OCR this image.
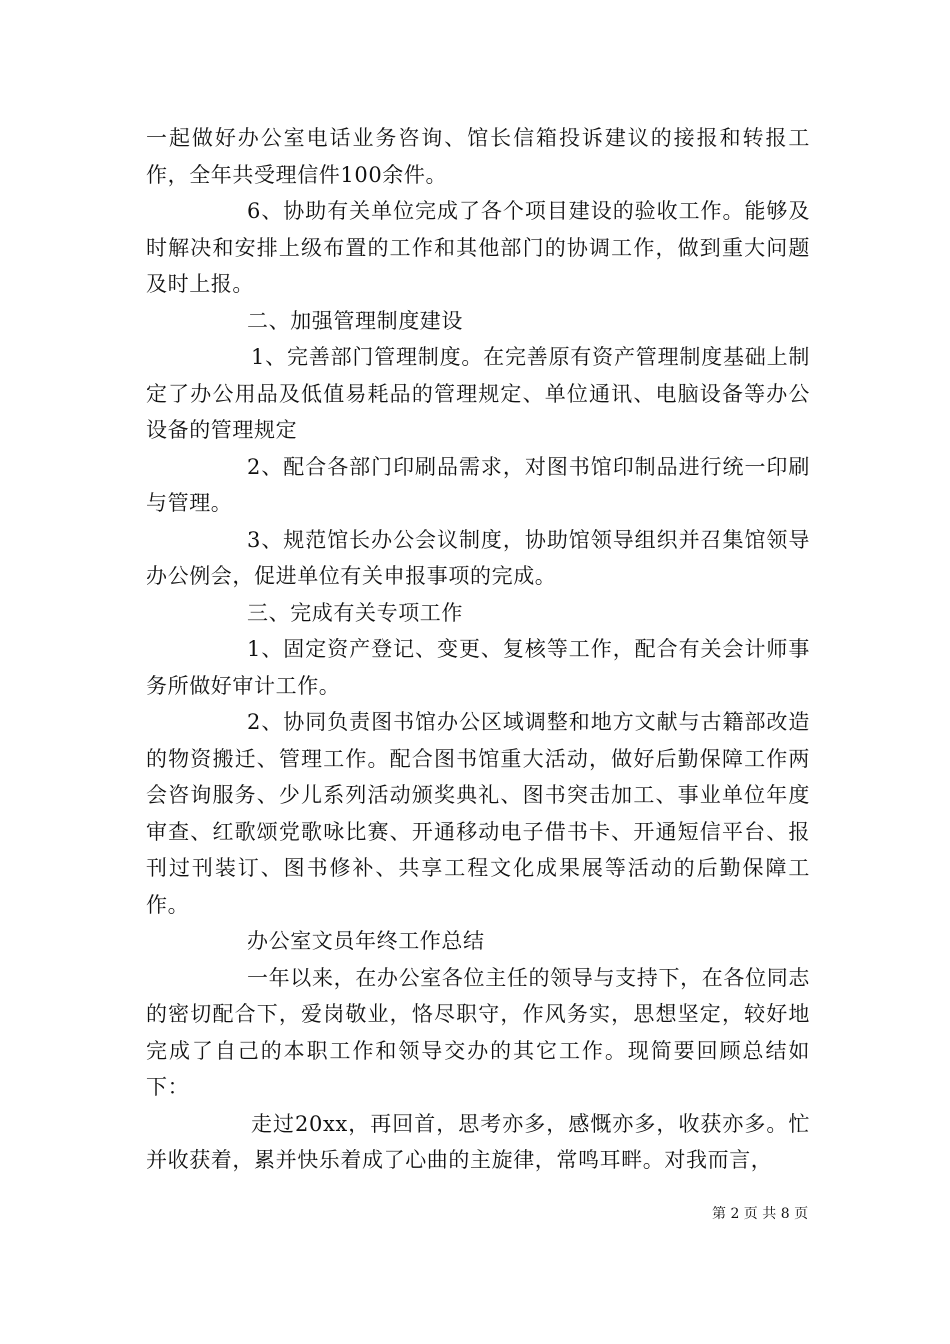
一起做好办公室电话业务咨询、馆长信箱投诉建议的接报和转报工作，全年共受理信件100余件。

6、协助有关单位完成了各个项目建设的验收工作。能够及时解决和安排上级布置的工作和其他部门的协调工作，做到重大问题及时上报。

二、加强管理制度建设

1、完善部门管理制度。在完善原有资产管理制度基础上制定了办公用品及低值易耗品的管理规定、单位通讯、电脑设备等办公设备的管理规定

2、配合各部门印刷品需求，对图书馆印制品进行统一印刷与管理。

3、规范馆长办公会议制度，协助馆领导组织并召集馆领导办公例会，促进单位有关申报事项的完成。

三、完成有关专项工作

1、固定资产登记、变更、复核等工作，配合有关会计师事务所做好审计工作。

2、协同负责图书馆办公区域调整和地方文献与古籍部改造的物资搬迁、管理工作。配合图书馆重大活动，做好后勤保障工作两会咨询服务、少儿系列活动颁奖典礼、图书突击加工、事业单位年度审查、红歌颂党歌咏比赛、开通移动电子借书卡、开通短信平台、报刊过刊装订、图书修补、共享工程文化成果展等活动的后勤保障工作。

办公室文员年终工作总结

一年以来，在办公室各位主任的领导与支持下，在各位同志的密切配合下，爱岗敬业，恪尽职守，作风务实，思想坚定，较好地完成了自己的本职工作和领导交办的其它工作。现简要回顾总结如下：

走过20xx，再回首，思考亦多，感慨亦多，收获亦多。忙并收获着，累并快乐着成了心曲的主旋律，常鸣耳畔。对我而言，

第 2 页 共 8 页
